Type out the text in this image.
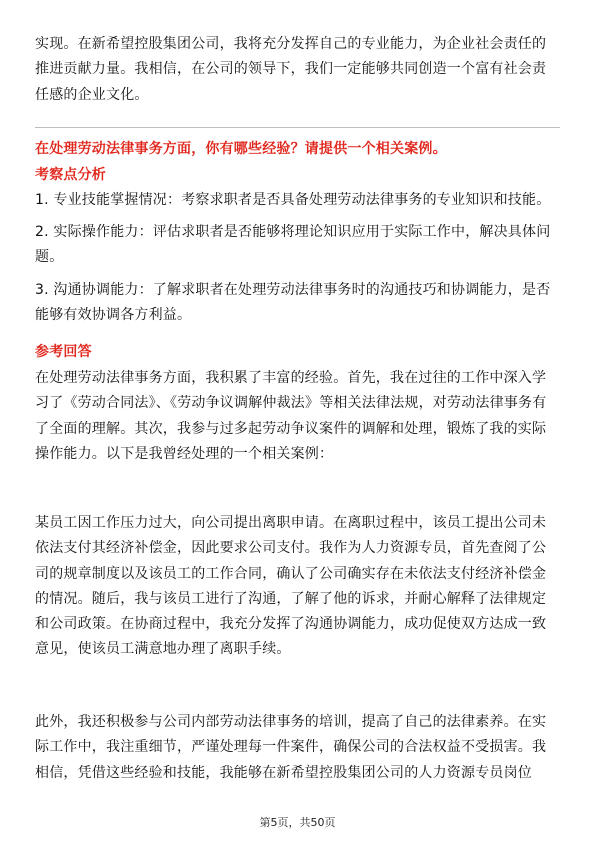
实现。在新希望控股集团公司，我将充分发挥自己的专业能力，为企业社会责任的推进贡献力量。我相信，在公司的领导下，我们一定能够共同创造一个富有社会责任感的企业文化。

在处理劳动法律事务方面，你有哪些经验？请提供一个相关案例。

考察点分析

1. 专业技能掌握情况：考察求职者是否具备处理劳动法律事务的专业知识和技能。

2. 实际操作能力：评估求职者是否能够将理论知识应用于实际工作中，解决具体问题。

3. 沟通协调能力：了解求职者在处理劳动法律事务时的沟通技巧和协调能力，是否能够有效协调各方利益。

参考回答

在处理劳动法律事务方面，我积累了丰富的经验。首先，我在过往的工作中深入学习了《劳动合同法》、《劳动争议调解仲裁法》等相关法律法规，对劳动法律事务有了全面的理解。其次，我参与过多起劳动争议案件的调解和处理，锻炼了我的实际操作能力。以下是我曾经处理的一个相关案例：

某员工因工作压力过大，向公司提出离职申请。在离职过程中，该员工提出公司未依法支付其经济补偿金，因此要求公司支付。我作为人力资源专员，首先查阅了公司的规章制度以及该员工的工作合同，确认了公司确实存在未依法支付经济补偿金的情况。随后，我与该员工进行了沟通，了解了他的诉求，并耐心解释了法律规定和公司政策。在协商过程中，我充分发挥了沟通协调能力，成功促使双方达成一致意见，使该员工满意地办理了离职手续。

此外，我还积极参与公司内部劳动法律事务的培训，提高了自己的法律素养。在实际工作中，我注重细节，严谨处理每一件案件，确保公司的合法权益不受损害。我相信，凭借这些经验和技能，我能够在新希望控股集团公司的人力资源专员岗位

第5页，共50页
